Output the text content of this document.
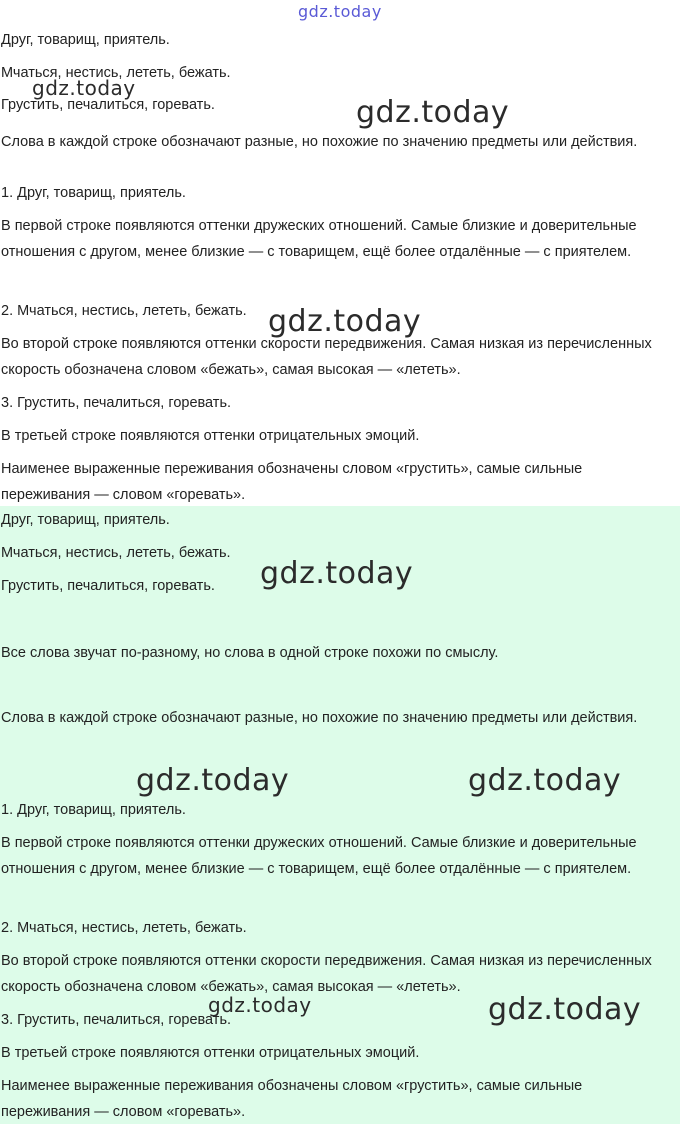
Друг, товарищ, приятель.

Мчаться, нестись, лететь, бежать.

Грустить, печалиться, горевать.

Слова в каждой строке обозначают разные, но похожие по значению предметы или действия.

1. Друг, товарищ, приятель.

В первой строке появляются оттенки дружеских отношений. Самые близкие и доверительные отношения с другом, менее близкие — с товарищем, ещё более отдалённые — с приятелем.

2. Мчаться, нестись, лететь, бежать.

Во второй строке появляются оттенки скорости передвижения. Самая низкая из перечисленных скорость обозначена словом «бежать», самая высокая — «лететь».

3. Грустить, печалиться, горевать.

В третьей строке появляются оттенки отрицательных эмоций.

Наименее выраженные переживания обозначены словом «грустить», самые сильные переживания — словом «горевать».

Друг, товарищ, приятель.

Мчаться, нестись, лететь, бежать.

Грустить, печалиться, горевать.

Все слова звучат по-разному, но слова в одной строке похожи по смыслу.

Слова в каждой строке обозначают разные, но похожие по значению предметы или действия.

1. Друг, товарищ, приятель.

В первой строке появляются оттенки дружеских отношений. Самые близкие и доверительные отношения с другом, менее близкие — с товарищем, ещё более отдалённые — с приятелем.

2. Мчаться, нестись, лететь, бежать.

Во второй строке появляются оттенки скорости передвижения. Самая низкая из перечисленных скорость обозначена словом «бежать», самая высокая — «лететь».

3. Грустить, печалиться, горевать.

В третьей строке появляются оттенки отрицательных эмоций.

Наименее выраженные переживания обозначены словом «грустить», самые сильные переживания — словом «горевать».

gdz.today
gdz.today
gdz.today
gdz.today
gdz.today
gdz.today	gdz.today
gdz.today	gdz.today
